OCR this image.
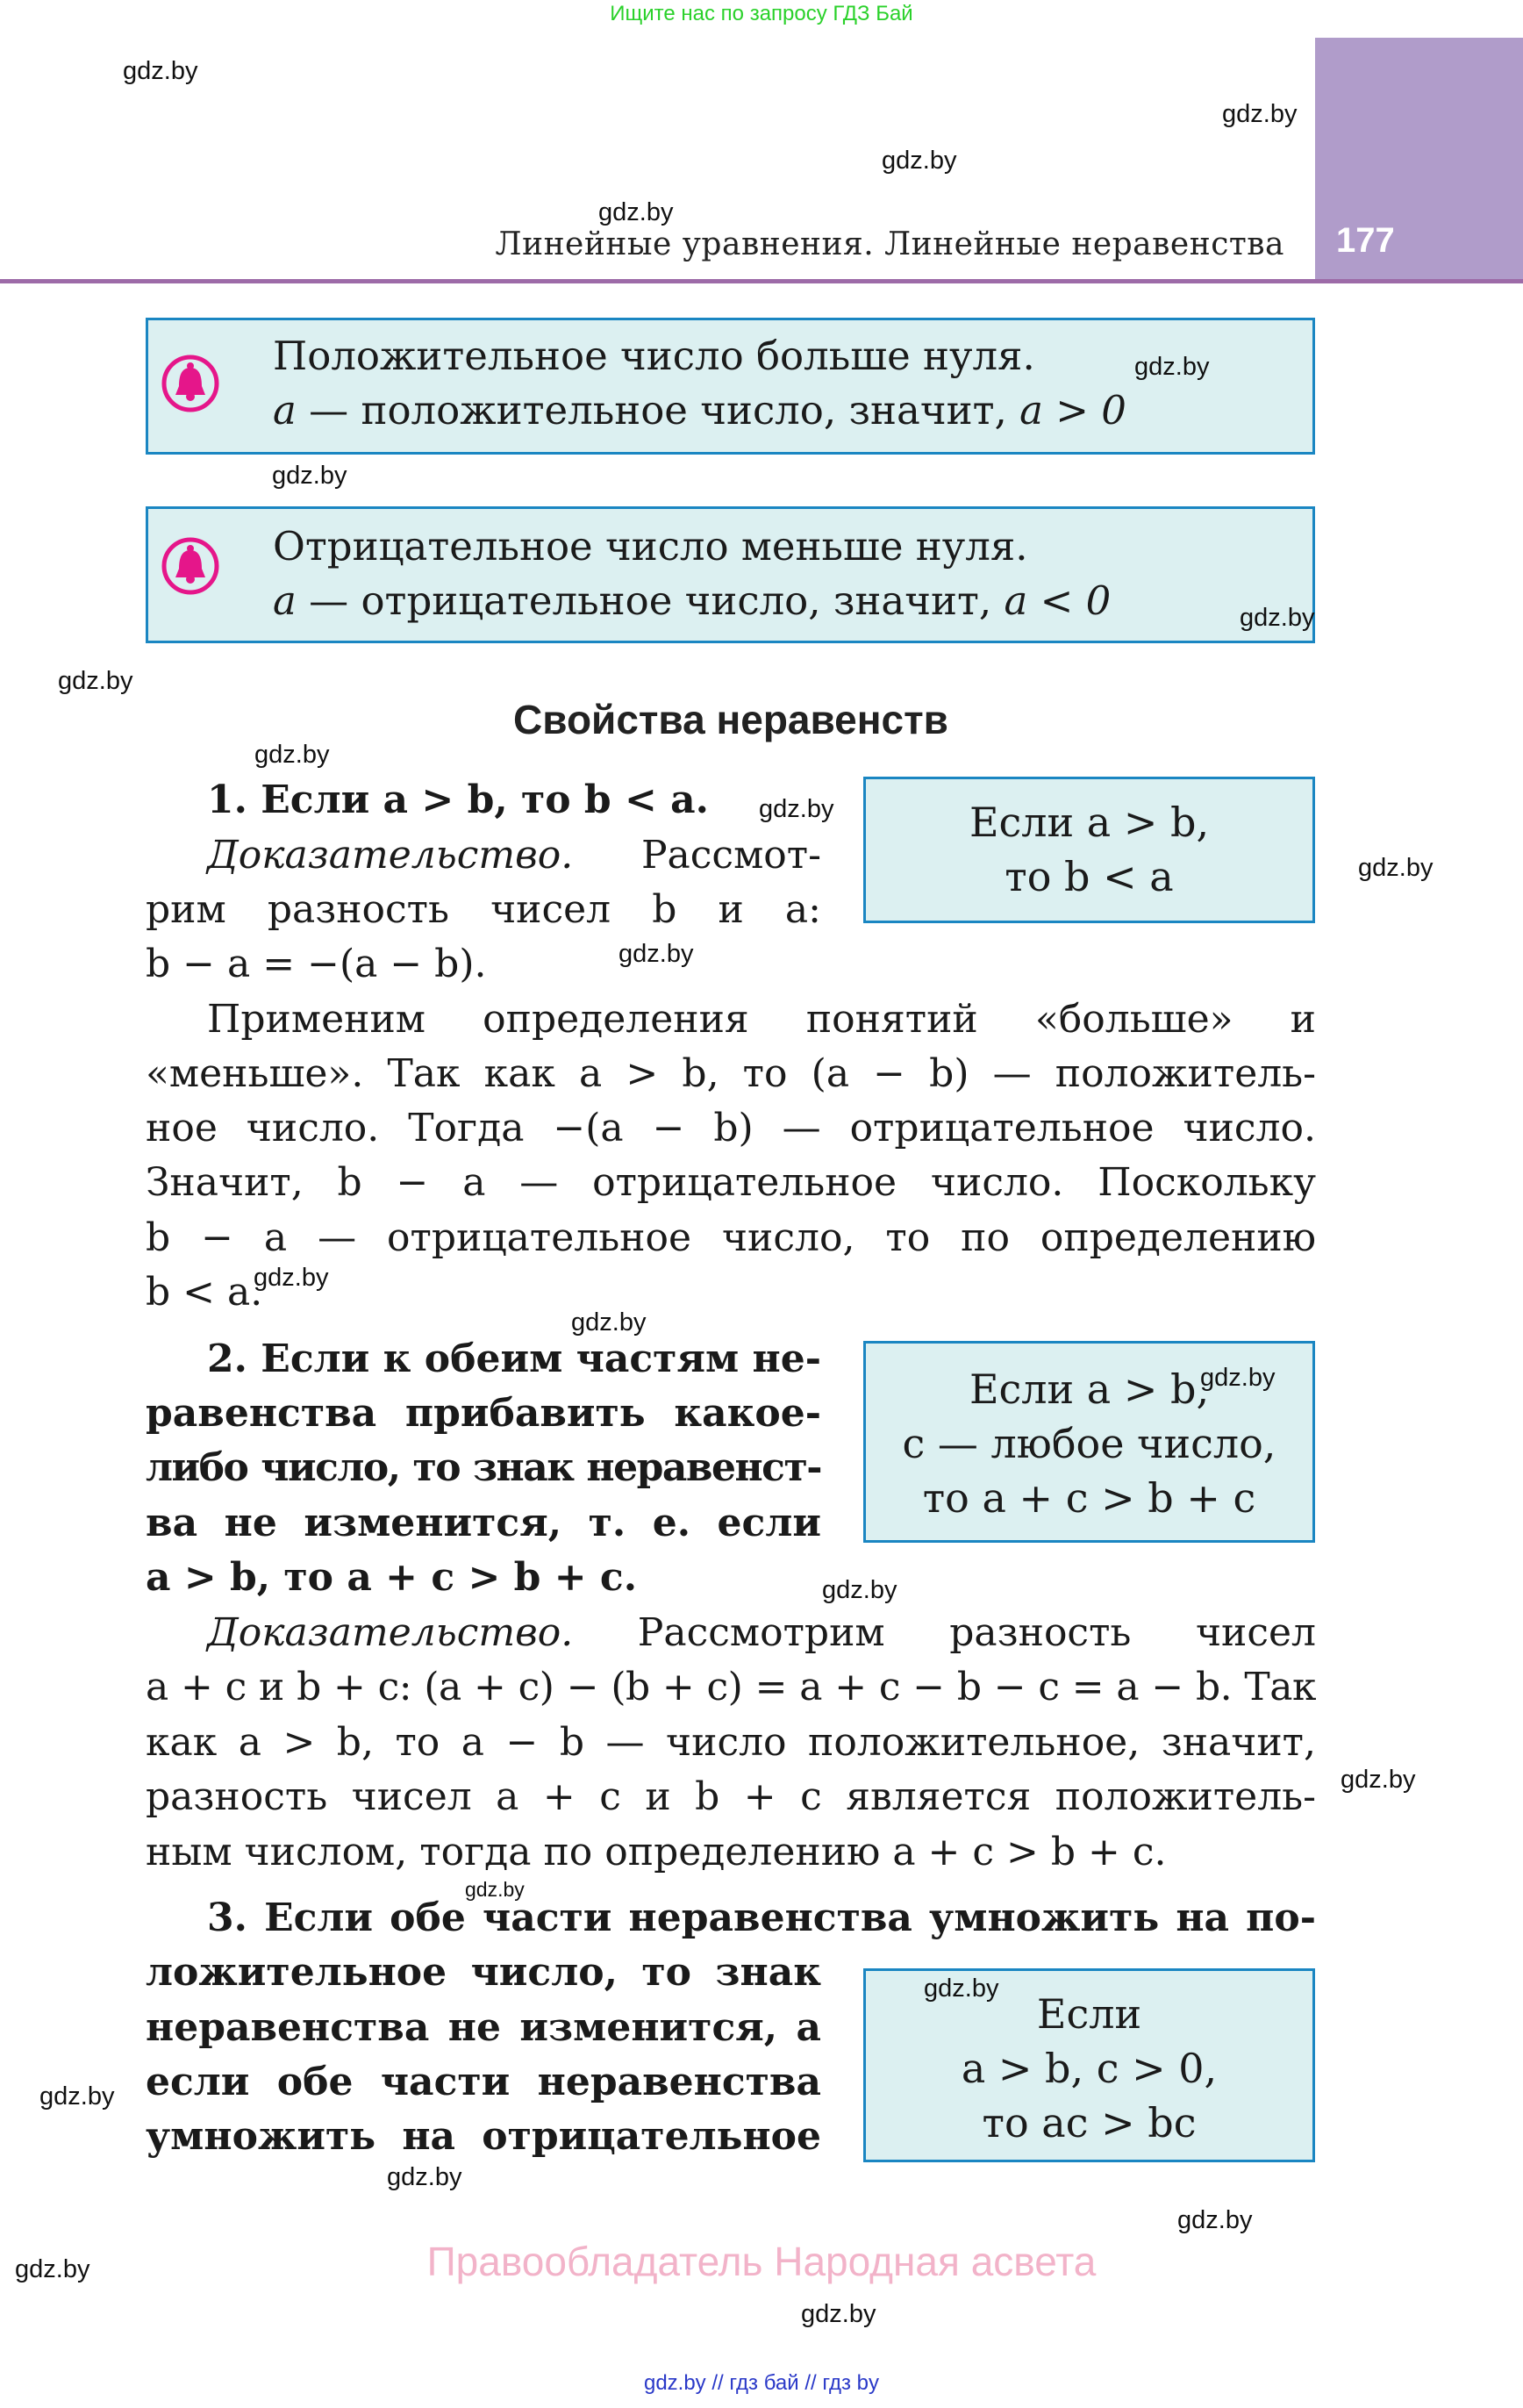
Ищите нас по запросу ГДЗ Бай
177
Линейные уравнения. Линейные неравенства
Положительное число больше нуля.
a — положительное число, значит, a > 0
Отрицательное число меньше нуля.
a — отрицательное число, значит, a < 0
Свойства неравенств
1. Если a > b, то b < a.
Доказательство. Рассмот-
рим разность чисел b и a:
b − a = −(a − b).
Если a > b,
то b < a
Применим определения понятий «больше» и
«меньше». Так как a > b, то (a − b) — положитель-
ное число. Тогда −(a − b) — отрицательное число.
Значит, b − a — отрицательное число. Поскольку
b − a — отрицательное число, то по определению
b < a.
2. Если к обеим частям не-
равенства прибавить какое-
либо число, то знак неравенст-
ва не изменится, т. е. если
a > b, то a + c > b + c.
Если a > b,
c — любое число,
то a + c > b + c
Доказательство. Рассмотрим разность чисел
a + c и b + c: (a + c) − (b + c) = a + c − b − c = a − b. Так
как a > b, то a − b — число положительное, значит,
разность чисел a + c и b + c является положитель-
ным числом, тогда по определению a + c > b + c.
3. Если обе части неравенства умножить на по-
ложительное число, то знак
неравенства не изменится, а
если обе части неравенства
умножить на отрицательное
Если
a > b, c > 0,
то ac > bc
gdz.by
gdz.by
gdz.by
gdz.by
gdz.by
gdz.by
gdz.by
gdz.by
gdz.by
gdz.by
gdz.by
gdz.by
gdz.by
gdz.by
gdz.by
gdz.by
gdz.by
gdz.by
gdz.by
gdz.by
gdz.by
gdz.by
gdz.by
gdz.by
Правообладатель Народная асвета
gdz.by // гдз бай // гдз by
